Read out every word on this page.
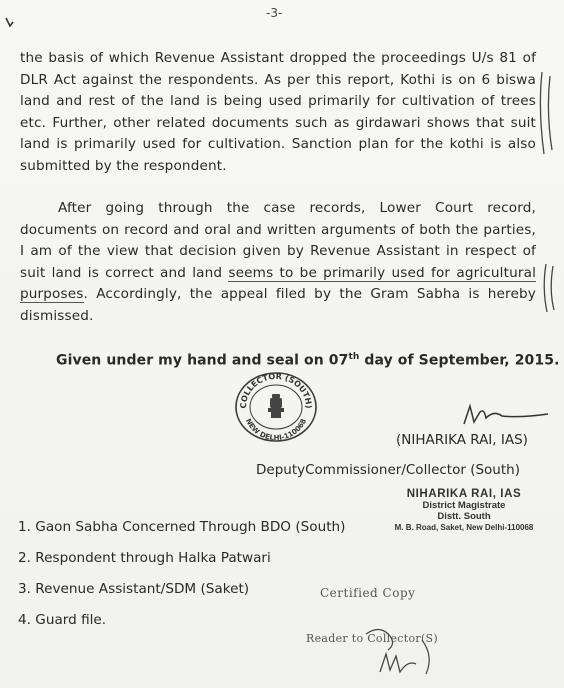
-3-
the basis of which Revenue Assistant dropped the proceedings U/s 81 of DLR Act against the respondents. As per this report, Kothi is on 6 biswa land and rest of the land is being used primarily for cultivation of trees etc. Further, other related documents such as girdawari shows that suit land is primarily used for cultivation. Sanction plan for the kothi is also submitted by the respondent.
After going through the case records, Lower Court record, documents on record and oral and written arguments of both the parties, I am of the view that decision given by Revenue Assistant in respect of suit land is correct and land seems to be primarily used for agricultural purposes. Accordingly, the appeal filed by the Gram Sabha is hereby dismissed.
Given under my hand and seal on 07th day of September, 2015.
COLLECTOR (SOUTH)
NEW DELHI-110068
(NIHARIKA RAI, IAS)
DeputyCommissioner/Collector (South)
NIHARIKA RAI, IAS
District Magistrate
Distt. South
M. B. Road, Saket, New Delhi-110068
1. Gaon Sabha Concerned Through BDO (South)
2. Respondent through Halka Patwari
3. Revenue Assistant/SDM (Saket)
4. Guard file.
Certified Copy
Reader to Collector(S)
